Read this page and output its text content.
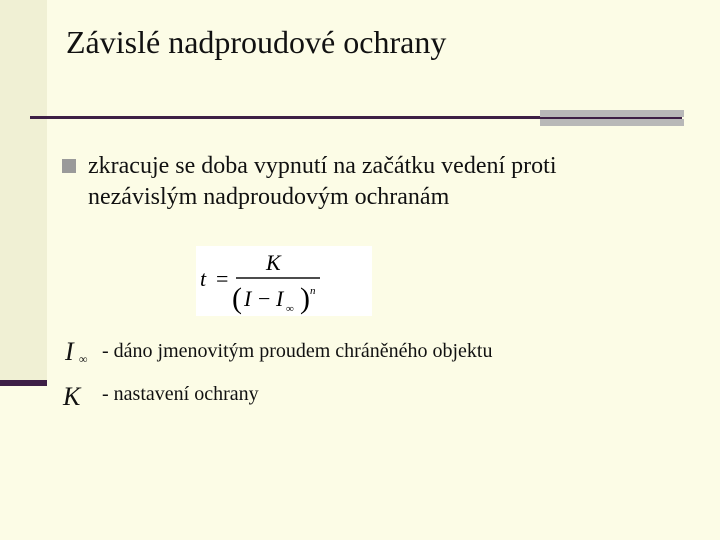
Závislé nadproudové ochrany
zkracuje se doba vypnutí na začátku vedení proti
nezávislým nadproudovým ochranám
t =
K
( I − I ∞ ) n
I ∞ - dáno jmenovitým proudem chráněného objektu
K - nastavení ochrany
